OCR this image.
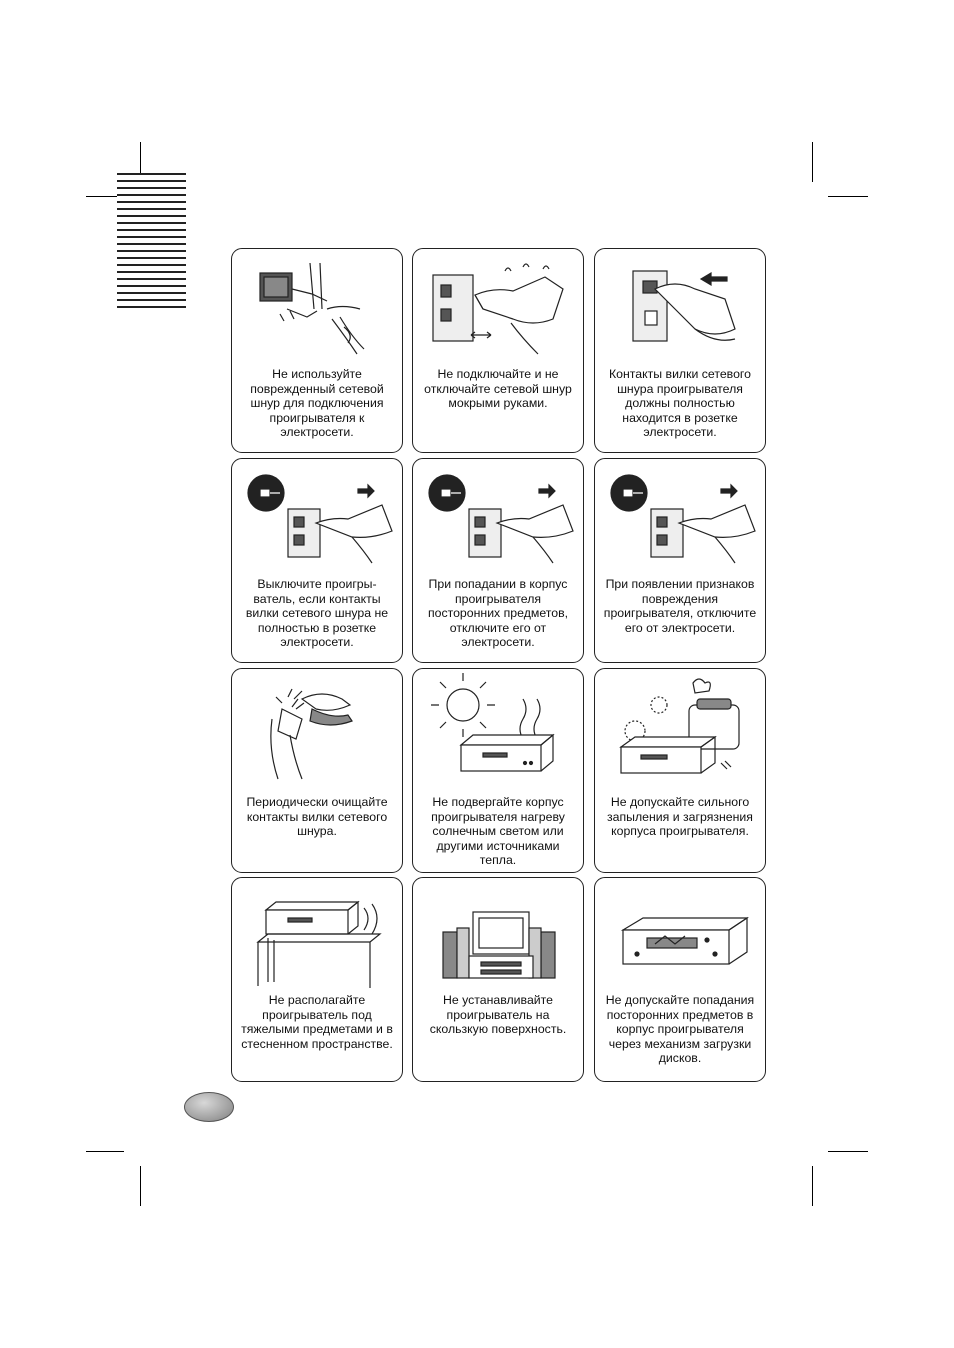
Не используйте
поврежденный сетевой
шнур для подключения
проигрывателя к
электросети.
Не подключайте и не
отключайте сетевой шнур
мокрыми руками.
Контакты вилки сетевого
шнура проигрывателя
должны полностью
находится в розетке
электросети.
Выключите проигры-
ватель, если контакты
вилки сетевого шнура не
полностью в розетке
электросети.
При попадании в корпус
проигрывателя
посторонних предметов,
отключите его от
электросети.
При появлении признаков
повреждения
проигрывателя, отключите
его от электросети.
Периодически очищайте
контакты вилки сетевого
шнура.
Не подвергайте корпус
проигрывателя нагреву
солнечным светом или
другими источниками
тепла.
Не допускайте сильного
запыления и загрязнения
корпуса проигрывателя.
Не располагайте
проигрыватель под
тяжелыми предметами и в
стесненном пространстве.
Не устанавливайте
проигрыватель на
скользкую поверхность.
Не допускайте попадания
посторонних предметов в
корпус проигрывателя
через механизм загрузки
дисков.
